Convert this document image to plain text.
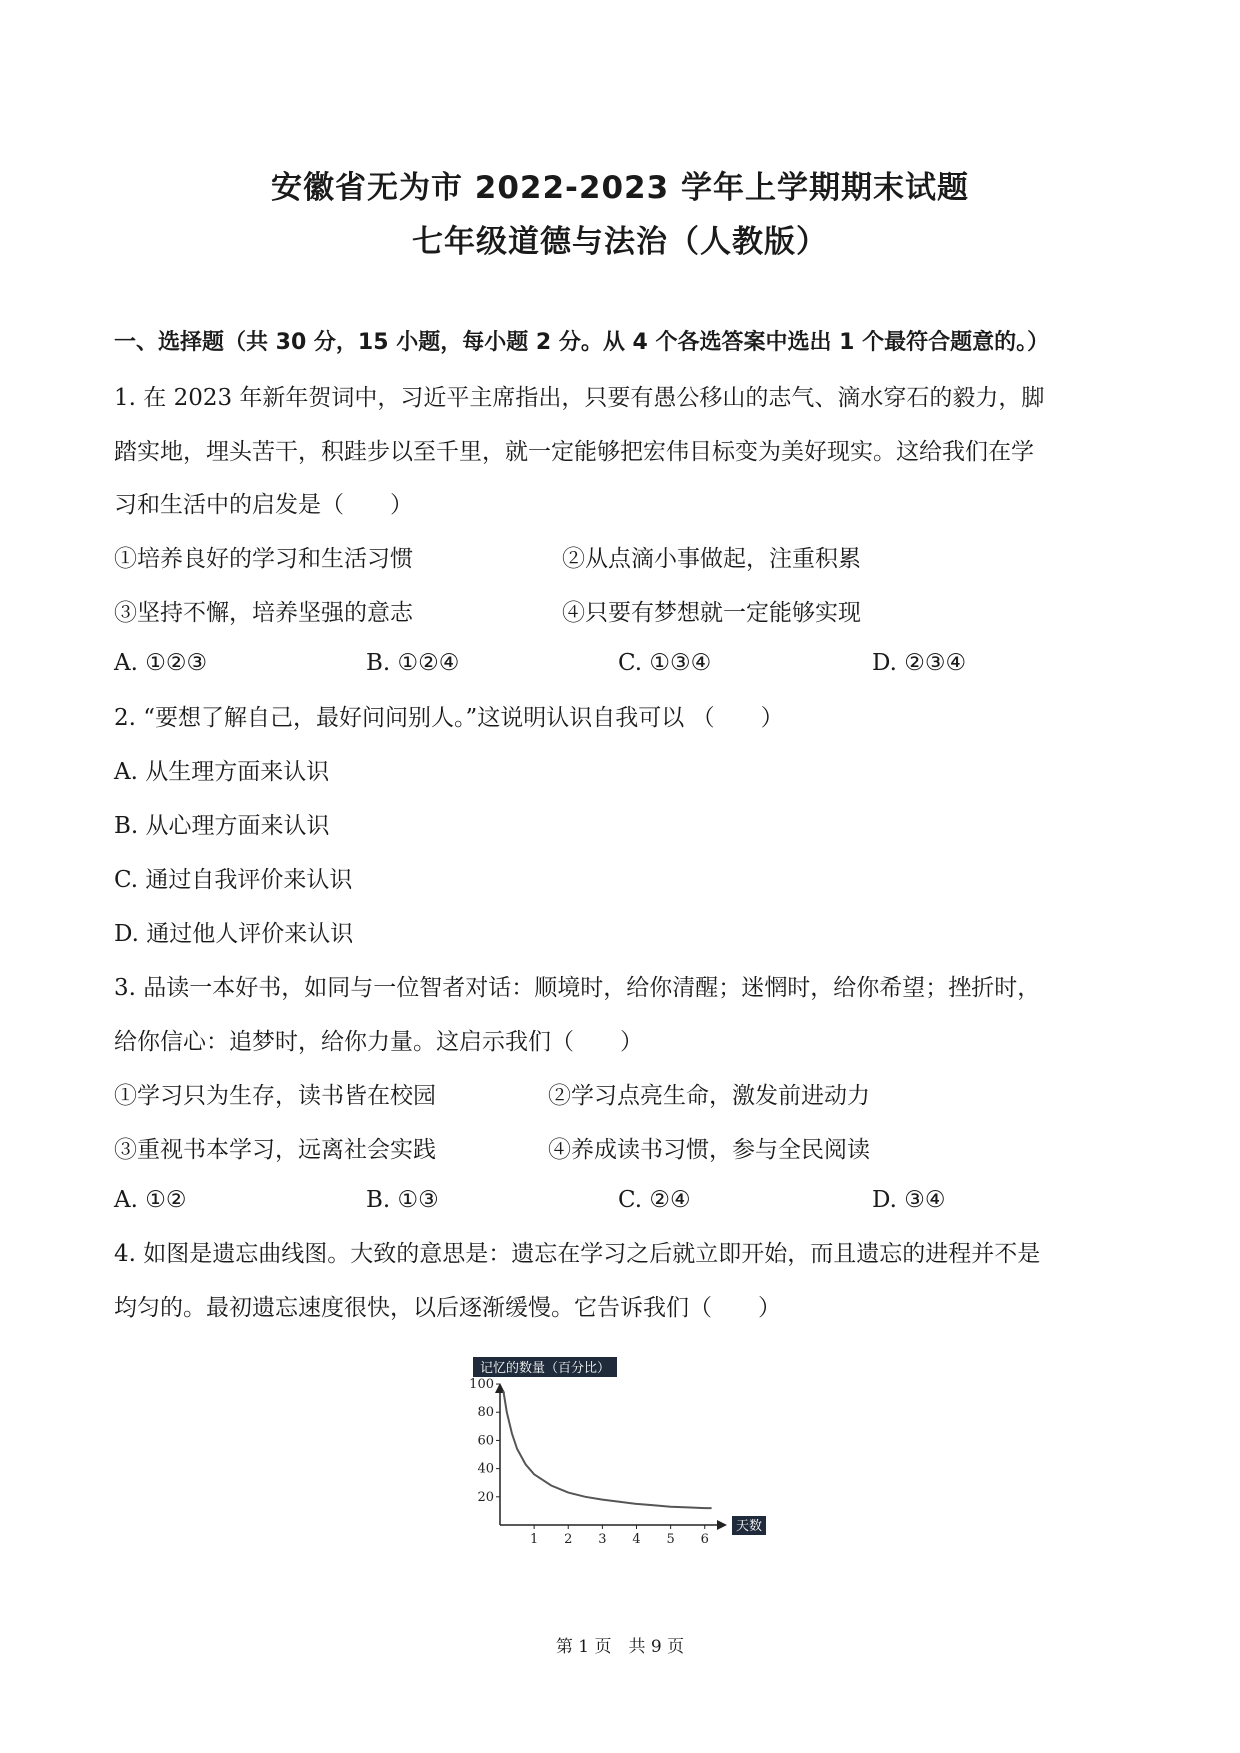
安徽省无为市 2022-2023 学年上学期期末试题
七年级道德与法治（人教版）

一、选择题（共 30 分，15 小题，每小题 2 分。从 4 个各选答案中选出 1 个最符合题意的。）

1. 在 2023 年新年贺词中，习近平主席指出，只要有愚公移山的志气、滴水穿石的毅力，脚

踏实地，埋头苦干，积跬步以至千里，就一定能够把宏伟目标变为美好现实。这给我们在学

习和生活中的启发是（　　）

①培养良好的学习和生活习惯	②从点滴小事做起，注重积累
③坚持不懈，培养坚强的意志	④只要有梦想就一定能够实现
A. ①②③	B. ①②④	C. ①③④	D. ②③④

2. “要想了解自己，最好问问别人。”这说明认识自我可以 （　　）

A. 从生理方面来认识

B. 从心理方面来认识

C. 通过自我评价来认识

D. 通过他人评价来认识

3. 品读一本好书，如同与一位智者对话：顺境时，给你清醒；迷惘时，给你希望；挫折时，

给你信心：追梦时，给你力量。这启示我们（　　）

①学习只为生存，读书皆在校园	②学习点亮生命，激发前进动力
③重视书本学习，远离社会实践	④养成读书习惯，参与全民阅读
A. ①②	B. ①③	C. ②④	D. ③④

4. 如图是遗忘曲线图。大致的意思是：遗忘在学习之后就立即开始，而且遗忘的进程并不是

均匀的。最初遗忘速度很快，以后逐渐缓慢。它告诉我们（　　）

记忆的数量（百分比）
天数
1 2 3 4 5 6
20
40
60
80
100
第 1 页　共 9 页
